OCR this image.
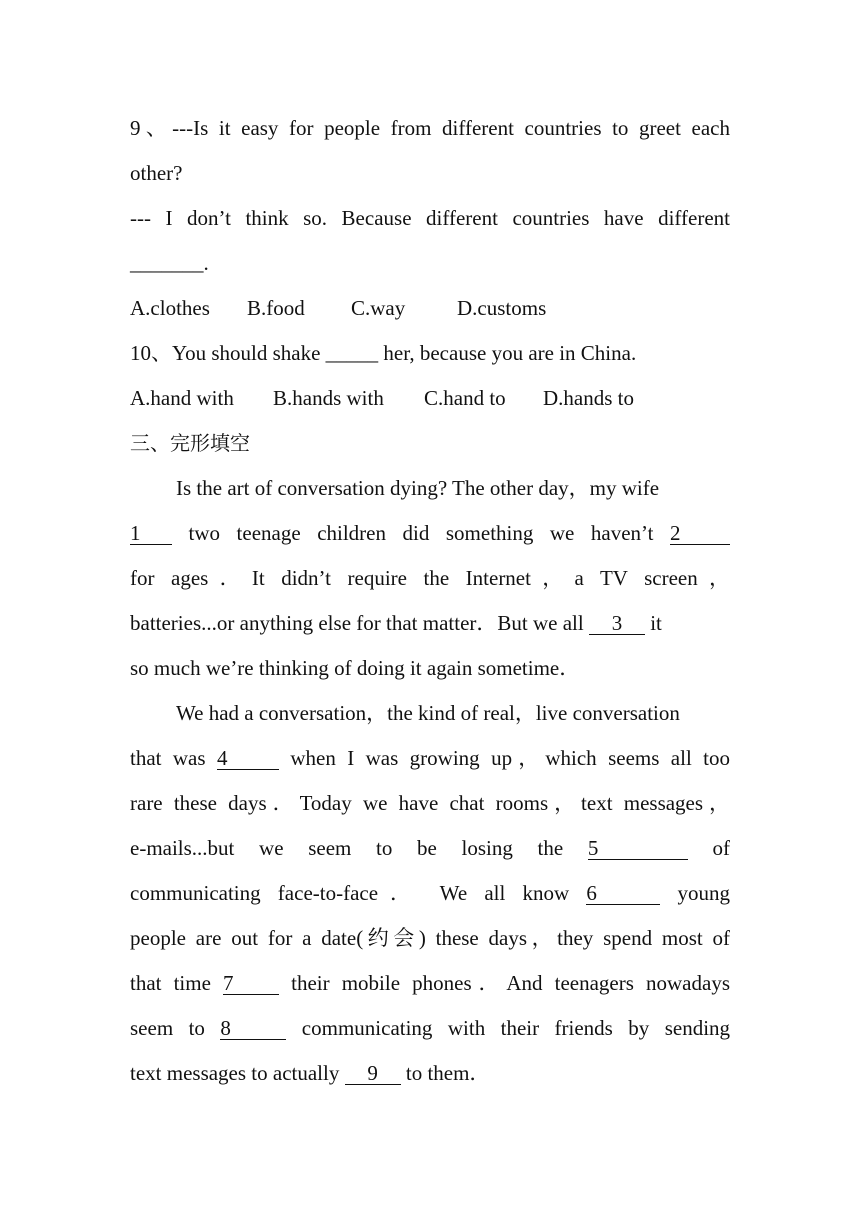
9、---Is it easy for people from different countries to greet each
other?
--- I don’t think so. Because different countries have different
_______.
A.clothes B.food C.way D.customs
10、You should shake _____ her, because you are in China.
A.hand with B.hands with C.hand to D.hands to
三、完形填空
Is the art of conversation dying? The other day，my wife
1 two teenage children did something we haven’t 2
for ages．It didn’t require the Internet，a TV screen，
batteries...or anything else for that matter．But we all 3 it
so much we’re thinking of doing it again sometime．
We had a conversation，the kind of real，live conversation
that was 4	when I was growing up，which seems all too
rare these days．Today we have chat rooms，text messages，
e-mails...but we seem to be losing the 5	of
communicating face-to-face． We all know 6	young
people are out for a date(约会) these days，they spend most of
that time 7	their mobile phones．And teenagers nowadays
seem to 8	communicating with their friends by sending
text messages to actually 9 to them．
